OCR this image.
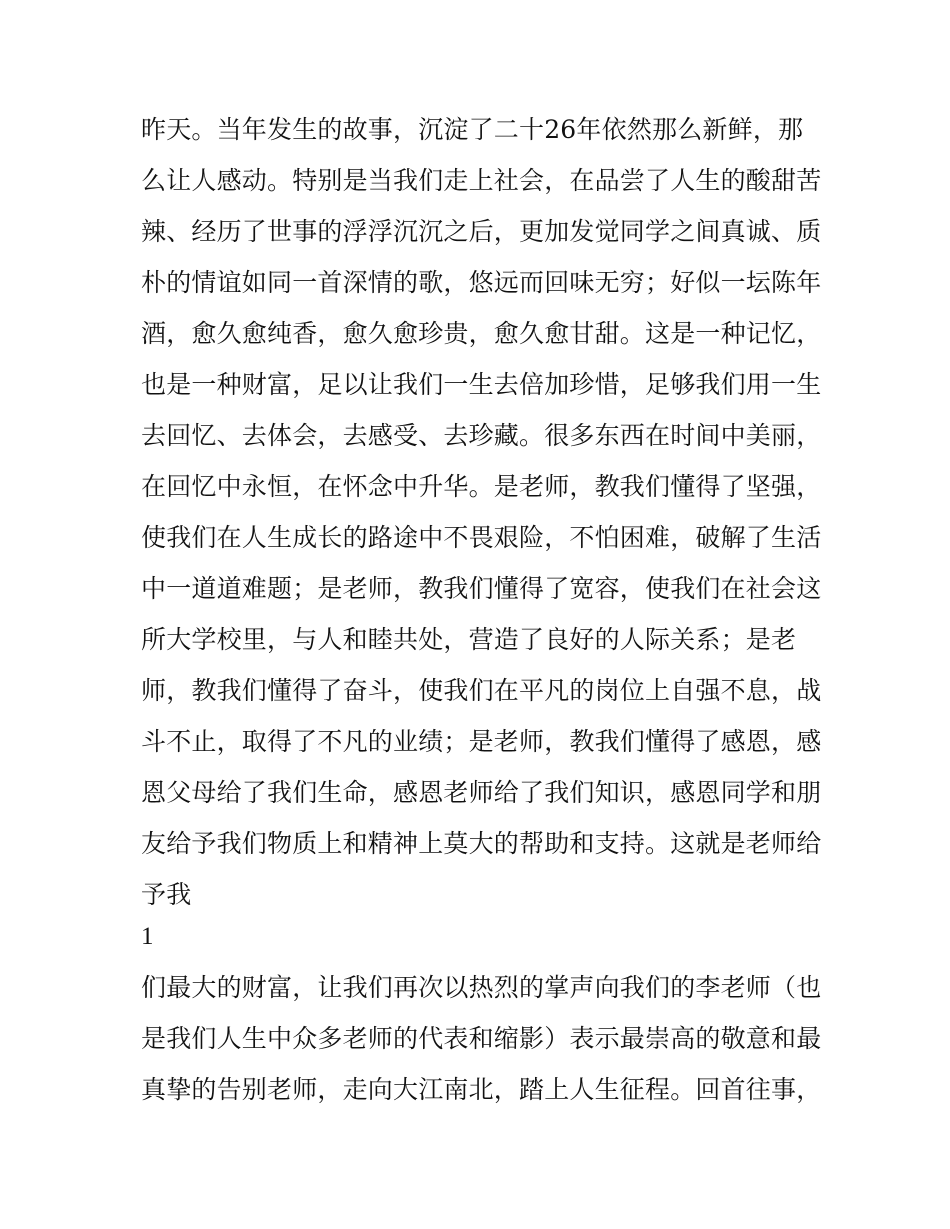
昨天。当年发生的故事，沉淀了二十26年依然那么新鲜，那
么让人感动。特别是当我们走上社会，在品尝了人生的酸甜苦
辣、经历了世事的浮浮沉沉之后，更加发觉同学之间真诚、质
朴的情谊如同一首深情的歌，悠远而回味无穷；好似一坛陈年
酒，愈久愈纯香，愈久愈珍贵，愈久愈甘甜。这是一种记忆，
也是一种财富，足以让我们一生去倍加珍惜，足够我们用一生
去回忆、去体会，去感受、去珍藏。很多东西在时间中美丽，
在回忆中永恒，在怀念中升华。是老师，教我们懂得了坚强，
使我们在人生成长的路途中不畏艰险，不怕困难，破解了生活
中一道道难题；是老师，教我们懂得了宽容，使我们在社会这
所大学校里，与人和睦共处，营造了良好的人际关系；是老
师，教我们懂得了奋斗，使我们在平凡的岗位上自强不息，战
斗不止，取得了不凡的业绩；是老师，教我们懂得了感恩，感
恩父母给了我们生命，感恩老师给了我们知识，感恩同学和朋
友给予我们物质上和精神上莫大的帮助和支持。这就是老师给
予我
1
们最大的财富，让我们再次以热烈的掌声向我们的李老师（也
是我们人生中众多老师的代表和缩影）表示最崇高的敬意和最
真挚的告别老师，走向大江南北，踏上人生征程。回首往事，
